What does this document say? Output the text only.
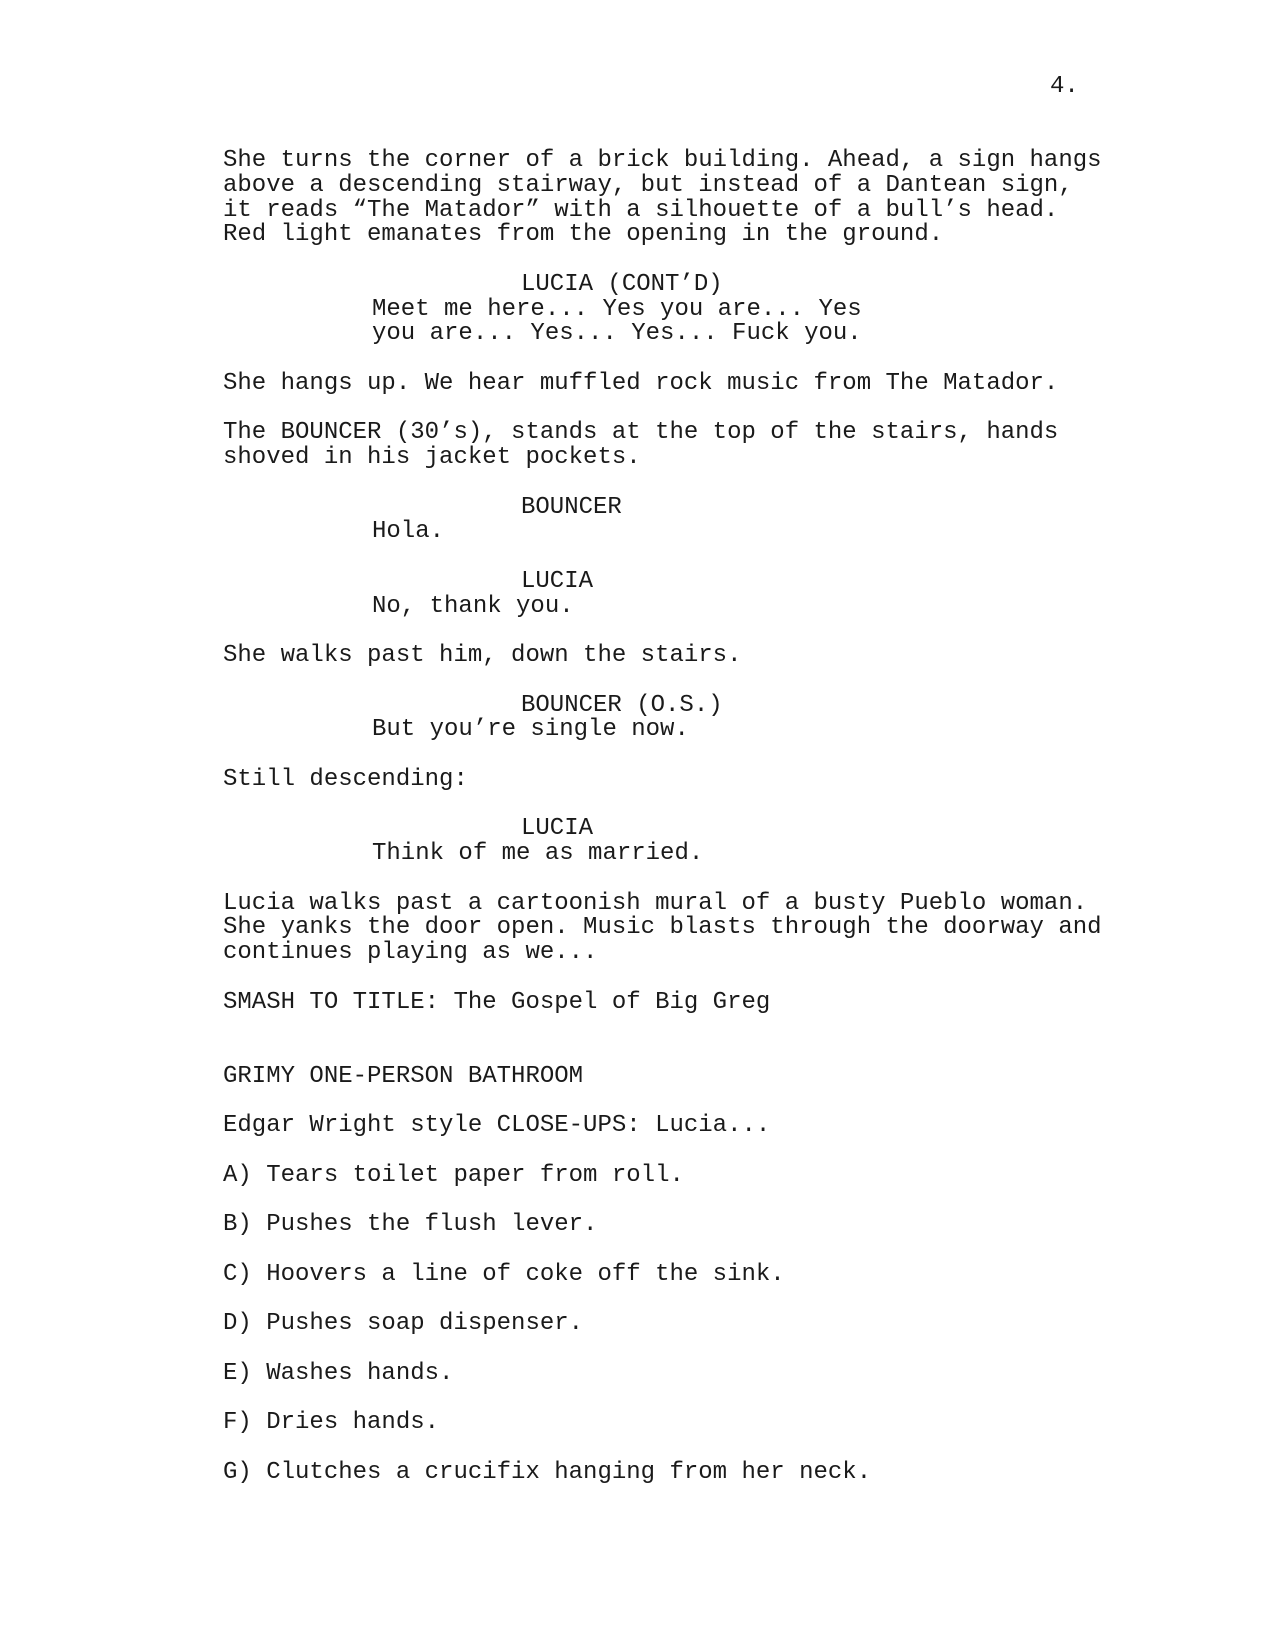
4.
She turns the corner of a brick building. Ahead, a sign hangs
above a descending stairway, but instead of a Dantean sign,
it reads “The Matador” with a silhouette of a bull’s head.
Red light emanates from the opening in the ground.
LUCIA (CONT’D)
Meet me here... Yes you are... Yes
you are... Yes... Yes... Fuck you.
She hangs up. We hear muffled rock music from The Matador.
The BOUNCER (30’s), stands at the top of the stairs, hands
shoved in his jacket pockets.
BOUNCER
Hola.
LUCIA
No, thank you.
She walks past him, down the stairs.
BOUNCER (O.S.)
But you’re single now.
Still descending:
LUCIA
Think of me as married.
Lucia walks past a cartoonish mural of a busty Pueblo woman.
She yanks the door open. Music blasts through the doorway and
continues playing as we...
SMASH TO TITLE: The Gospel of Big Greg
GRIMY ONE-PERSON BATHROOM
Edgar Wright style CLOSE-UPS: Lucia...
A) Tears toilet paper from roll.
B) Pushes the flush lever.
C) Hoovers a line of coke off the sink.
D) Pushes soap dispenser.
E) Washes hands.
F) Dries hands.
G) Clutches a crucifix hanging from her neck.
